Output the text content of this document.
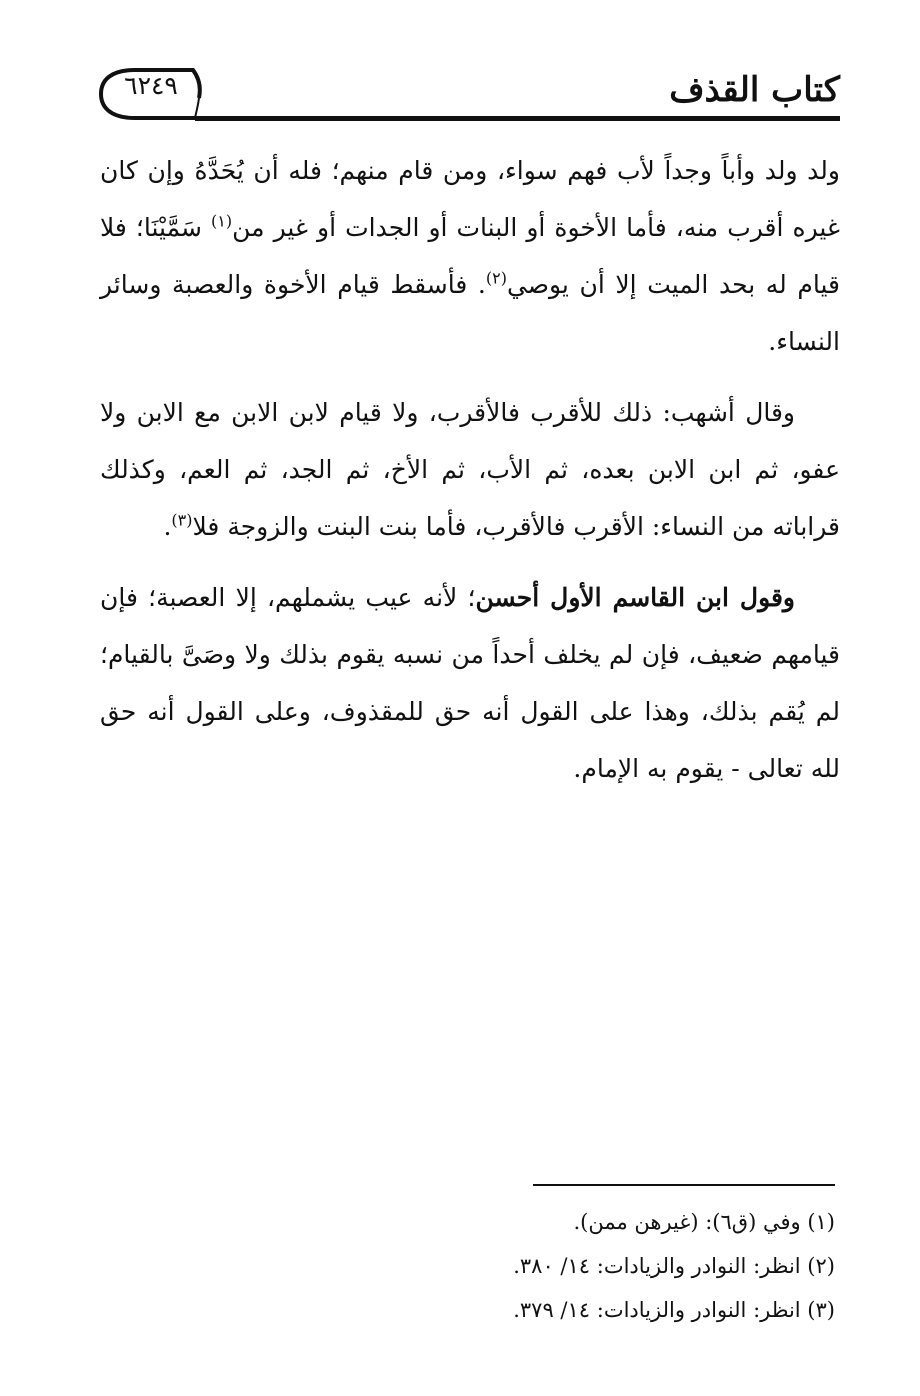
كتاب القذف
٦٢٤٩

ولد ولد وأباً وجداً لأب فهم سواء، ومن قام منهم؛ فله أن يُحَدَّهُ وإن كان غيره أقرب منه، فأما الأخوة أو البنات أو الجدات أو غير من$^{(١)}$ سَمَّيْنَا؛ فلا قيام له بحد الميت إلا أن يوصي$^{(٢)}$. فأسقط قيام الأخوة والعصبة وسائر النساء.

وقال أشهب: ذلك للأقرب فالأقرب، ولا قيام لابن الابن مع الابن ولا عفو، ثم ابن الابن بعده، ثم الأب، ثم الأخ، ثم الجد، ثم العم، وكذلك قراباته من النساء: الأقرب فالأقرب، فأما بنت البنت والزوجة فلا$^{(٣)}$.

وقول ابن القاسم الأول أحسن؛ لأنه عيب يشملهم، إلا العصبة؛ فإن قيامهم ضعيف، فإن لم يخلف أحداً من نسبه يقوم بذلك ولا وصَىَّ بالقيام؛ لم يُقم بذلك، وهذا على القول أنه حق للمقذوف، وعلى القول أنه حق لله تعالى - يقوم به الإمام.

(١) وفي (ق٦): (غيرهن ممن).

(٢) انظر: النوادر والزيادات: ١٤/ ٣٨٠.

(٣) انظر: النوادر والزيادات: ١٤/ ٣٧٩.
